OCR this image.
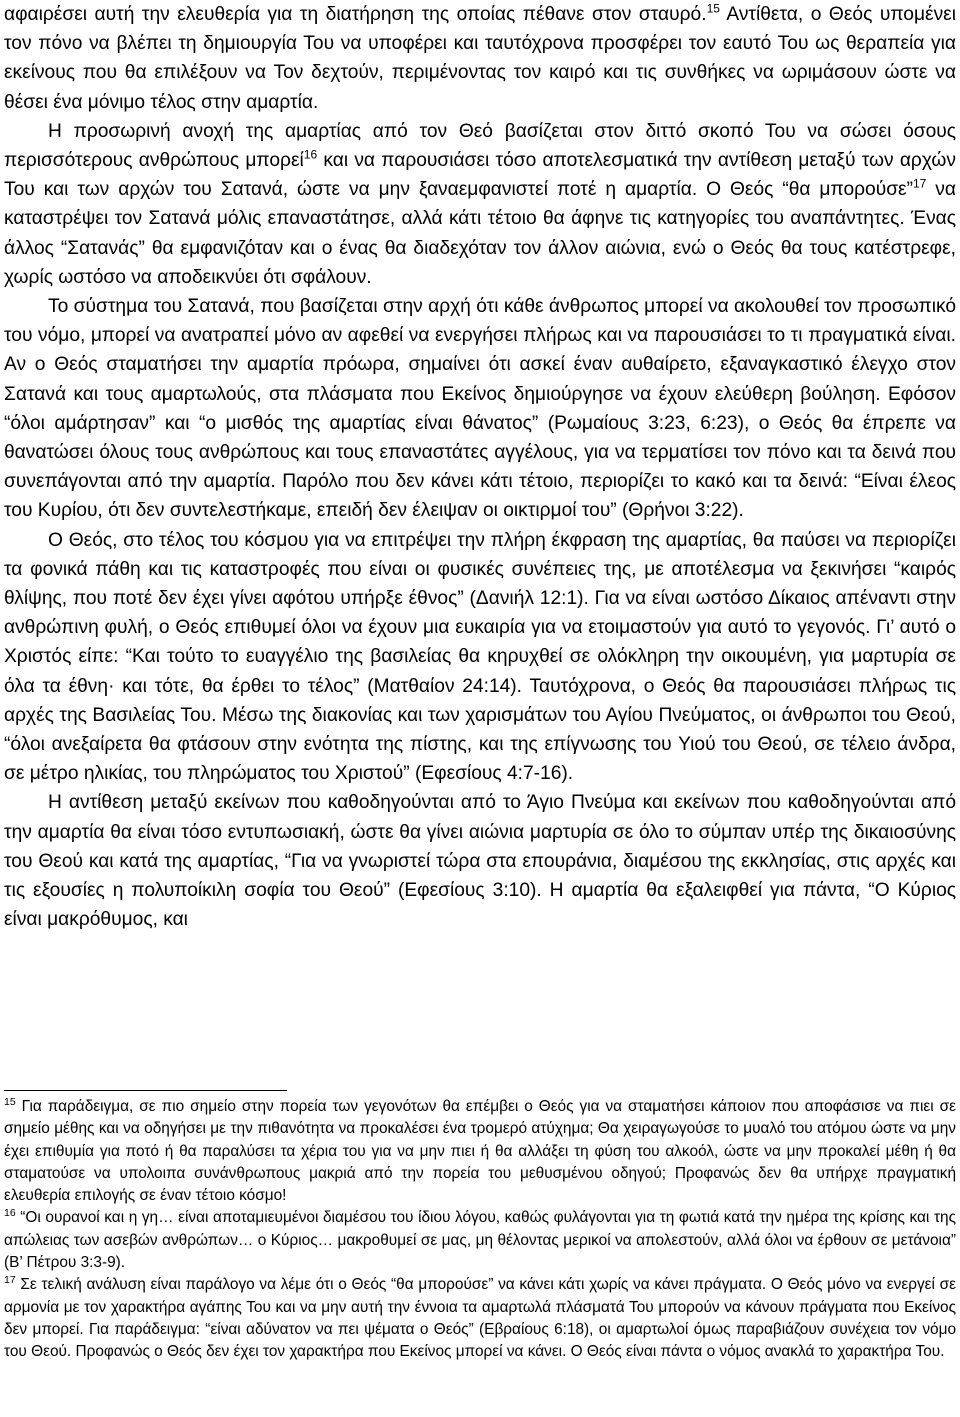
αφαιρέσει αυτή την ελευθερία για τη διατήρηση της οποίας πέθανε στον σταυρό.$^{15}$ Αντίθετα, ο Θεός υπομένει τον πόνο να βλέπει τη δημιουργία Του να υποφέρει και ταυτόχρονα προσφέρει τον εαυτό Του ως θεραπεία για εκείνους που θα επιλέξουν να Τον δεχτούν, περιμένοντας τον καιρό και τις συνθήκες να ωριμάσουν ώστε να θέσει ένα μόνιμο τέλος στην αμαρτία.

Η προσωρινή ανοχή της αμαρτίας από τον Θεό βασίζεται στον διττό σκοπό Του να σώσει όσους περισσότερους ανθρώπους μπορεί$^{16}$ και να παρουσιάσει τόσο αποτελεσματικά την αντίθεση μεταξύ των αρχών Του και των αρχών του Σατανά, ώστε να μην ξαναεμφανιστεί ποτέ η αμαρτία. Ο Θεός “θα μπορούσε”$^{17}$ να καταστρέψει τον Σατανά μόλις επαναστάτησε, αλλά κάτι τέτοιο θα άφηνε τις κατηγορίες του αναπάντητες. Ένας άλλος “Σατανάς” θα εμφανιζόταν και ο ένας θα διαδεχόταν τον άλλον αιώνια, ενώ ο Θεός θα τους κατέστρεφε, χωρίς ωστόσο να αποδεικνύει ότι σφάλουν.

Το σύστημα του Σατανά, που βασίζεται στην αρχή ότι κάθε άνθρωπος μπορεί να ακολουθεί τον προσωπικό του νόμο, μπορεί να ανατραπεί μόνο αν αφεθεί να ενεργήσει πλήρως και να παρουσιάσει το τι πραγματικά είναι. Αν ο Θεός σταματήσει την αμαρτία πρόωρα, σημαίνει ότι ασκεί έναν αυθαίρετο, εξαναγκαστικό έλεγχο στον Σατανά και τους αμαρτωλούς, στα πλάσματα που Εκείνος δημιούργησε να έχουν ελεύθερη βούληση. Εφόσον “όλοι αμάρτησαν” και “ο μισθός της αμαρτίας είναι θάνατος” (Ρωμαίους 3:23, 6:23), ο Θεός θα έπρεπε να θανατώσει όλους τους ανθρώπους και τους επαναστάτες αγγέλους, για να τερματίσει τον πόνο και τα δεινά που συνεπάγονται από την αμαρτία. Παρόλο που δεν κάνει κάτι τέτοιο, περιορίζει το κακό και τα δεινά: “Είναι έλεος του Κυρίου, ότι δεν συντελεστήκαμε, επειδή δεν έλειψαν οι οικτιρμοί του” (Θρήνοι 3:22).

Ο Θεός, στο τέλος του κόσμου για να επιτρέψει την πλήρη έκφραση της αμαρτίας, θα παύσει να περιορίζει τα φονικά πάθη και τις καταστροφές που είναι οι φυσικές συνέπειες της, με αποτέλεσμα να ξεκινήσει “καιρός θλίψης, που ποτέ δεν έχει γίνει αφότου υπήρξε έθνος” (Δανιήλ 12:1). Για να είναι ωστόσο Δίκαιος απέναντι στην ανθρώπινη φυλή, ο Θεός επιθυμεί όλοι να έχουν μια ευκαιρία για να ετοιμαστούν για αυτό το γεγονός. Γι’ αυτό ο Χριστός είπε: “Και τούτο το ευαγγέλιο της βασιλείας θα κηρυχθεί σε ολόκληρη την οικουμένη, για μαρτυρία σε όλα τα έθνη· και τότε, θα έρθει το τέλος” (Ματθαίον 24:14). Ταυτόχρονα, ο Θεός θα παρουσιάσει πλήρως τις αρχές της Βασιλείας Του. Μέσω της διακονίας και των χαρισμάτων του Αγίου Πνεύματος, οι άνθρωποι του Θεού, “όλοι ανεξαίρετα θα φτάσουν στην ενότητα της πίστης, και της επίγνωσης του Υιού του Θεού, σε τέλειο άνδρα, σε μέτρο ηλικίας, του πληρώματος του Χριστού” (Εφεσίους 4:7-16).

Η αντίθεση μεταξύ εκείνων που καθοδηγούνται από το Άγιο Πνεύμα και εκείνων που καθοδηγούνται από την αμαρτία θα είναι τόσο εντυπωσιακή, ώστε θα γίνει αιώνια μαρτυρία σε όλο το σύμπαν υπέρ της δικαιοσύνης του Θεού και κατά της αμαρτίας, “Για να γνωριστεί τώρα στα επουράνια, διαμέσου της εκκλησίας, στις αρχές και τις εξουσίες η πολυποίκιλη σοφία του Θεού” (Εφεσίους 3:10). Η αμαρτία θα εξαλειφθεί για πάντα, “Ο Κύριος είναι μακρόθυμος, και

$^{15}$ Για παράδειγμα, σε πιο σημείο στην πορεία των γεγονότων θα επέμβει ο Θεός για να σταματήσει κάποιον που αποφάσισε να πιει σε σημείο μέθης και να οδηγήσει με την πιθανότητα να προκαλέσει ένα τρομερό ατύχημα; Θα χειραγωγούσε το μυαλό του ατόμου ώστε να μην έχει επιθυμία για ποτό ή θα παραλύσει τα χέρια του για να μην πιει ή θα αλλάξει τη φύση του αλκοόλ, ώστε να μην προκαλεί μέθη ή θα σταματούσε να υπολοιπα συνάνθρωπους μακριά από την πορεία του μεθυσμένου οδηγού; Προφανώς δεν θα υπήρχε πραγματική ελευθερία επιλογής σε έναν τέτοιο κόσμο!

$^{16}$ “Οι ουρανοί και η γη… είναι αποταμιευμένοι διαμέσου του ίδιου λόγου, καθώς φυλάγονται για τη φωτιά κατά την ημέρα της κρίσης και της απώλειας των ασεβών ανθρώπων… ο Κύριος… μακροθυμεί σε μας, μη θέλοντας μερικοί να απολεστούν, αλλά όλοι να έρθουν σε μετάνοια” (Β’ Πέτρου 3:3-9).

$^{17}$ Σε τελική ανάλυση είναι παράλογο να λέμε ότι ο Θεός “θα μπορούσε” να κάνει κάτι χωρίς να κάνει πράγματα. Ο Θεός μόνο να ενεργεί σε αρμονία με τον χαρακτήρα αγάπης Του και να μην αυτή την έννοια τα αμαρτωλά πλάσματά Του μπορούν να κάνουν πράγματα που Εκείνος δεν μπορεί. Για παράδειγμα: “είναι αδύνατον να πει ψέματα ο Θεός” (Εβραίους 6:18), οι αμαρτωλοί όμως παραβιάζουν συνέχεια τον νόμο του Θεού. Προφανώς ο Θεός δεν έχει τον χαρακτήρα που Εκείνος μπορεί να κάνει. Ο Θεός είναι πάντα ο νόμος ανακλά το χαρακτήρα Του.
